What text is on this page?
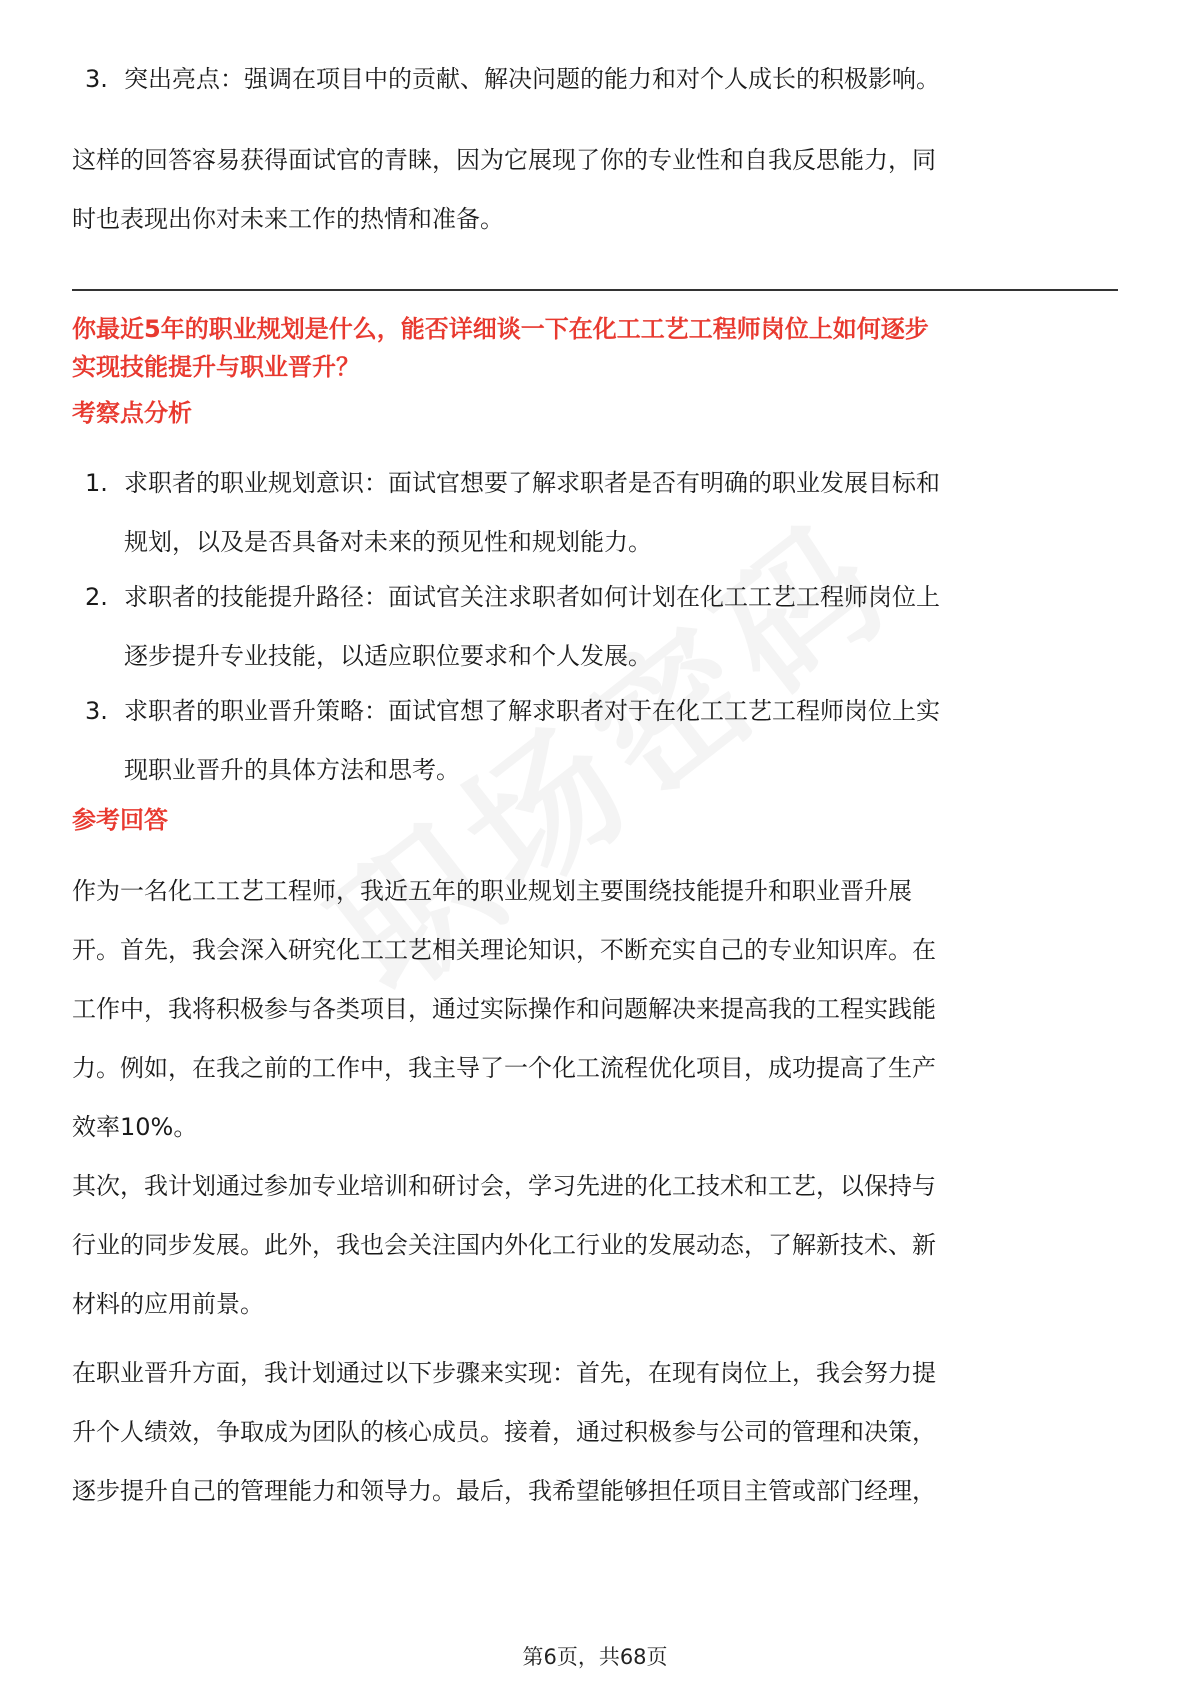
3. 突出亮点：强调在项目中的贡献、解决问题的能力和对个人成长的积极影响。
这样的回答容易获得面试官的青睐，因为它展现了你的专业性和自我反思能力，同
时也表现出你对未来工作的热情和准备。
你最近5年的职业规划是什么，能否详细谈一下在化工工艺工程师岗位上如何逐步
实现技能提升与职业晋升？
考察点分析
1. 求职者的职业规划意识：面试官想要了解求职者是否有明确的职业发展目标和
规划，以及是否具备对未来的预见性和规划能力。
2. 求职者的技能提升路径：面试官关注求职者如何计划在化工工艺工程师岗位上
逐步提升专业技能，以适应职位要求和个人发展。
3. 求职者的职业晋升策略：面试官想了解求职者对于在化工工艺工程师岗位上实
现职业晋升的具体方法和思考。
参考回答
作为一名化工工艺工程师，我近五年的职业规划主要围绕技能提升和职业晋升展
开。首先，我会深入研究化工工艺相关理论知识，不断充实自己的专业知识库。在
工作中，我将积极参与各类项目，通过实际操作和问题解决来提高我的工程实践能
力。例如，在我之前的工作中，我主导了一个化工流程优化项目，成功提高了生产
效率10%。
其次，我计划通过参加专业培训和研讨会，学习先进的化工技术和工艺，以保持与
行业的同步发展。此外，我也会关注国内外化工行业的发展动态，了解新技术、新
材料的应用前景。
在职业晋升方面，我计划通过以下步骤来实现：首先，在现有岗位上，我会努力提
升个人绩效，争取成为团队的核心成员。接着，通过积极参与公司的管理和决策，
逐步提升自己的管理能力和领导力。最后，我希望能够担任项目主管或部门经理，
第6页，共68页
